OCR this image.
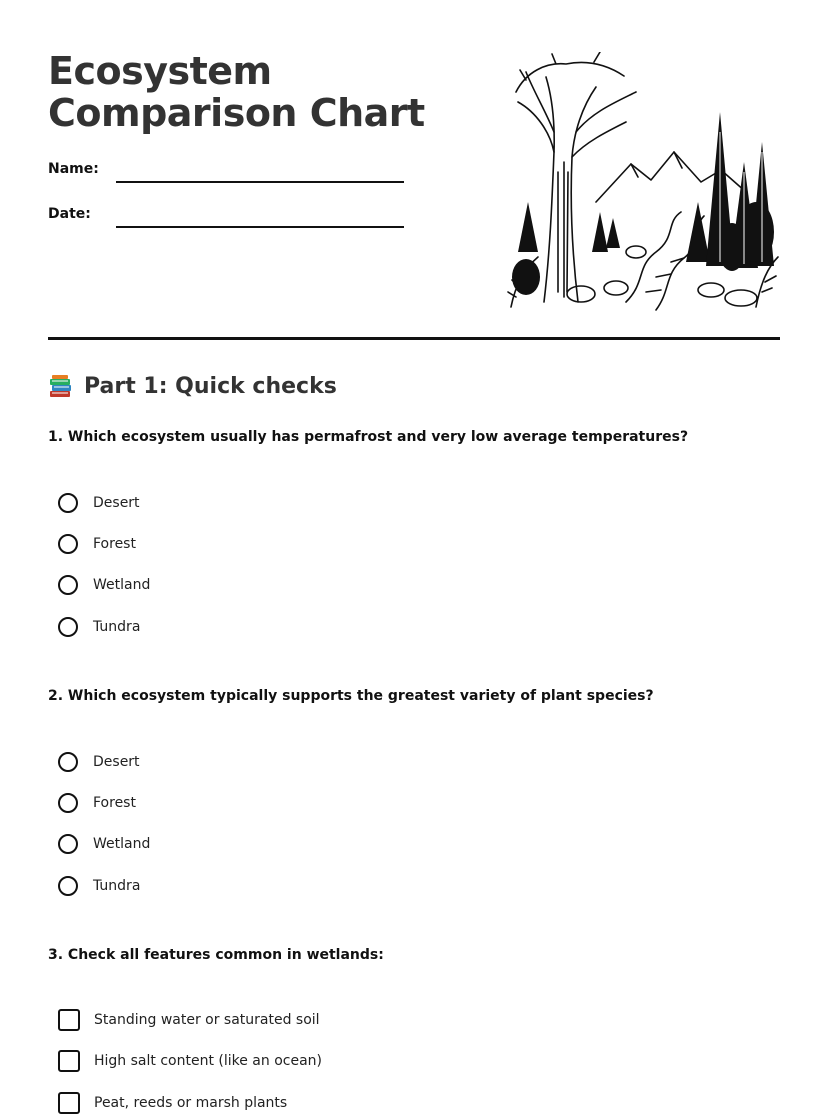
Ecosystem Comparison Chart
Name:
Date:
Part 1: Quick checks

1. Which ecosystem usually has permafrost and very low average temperatures?

Desert
Forest
Wetland
Tundra

2. Which ecosystem typically supports the greatest variety of plant species?

Desert
Forest
Wetland
Tundra

3. Check all features common in wetlands:

Standing water or saturated soil
High salt content (like an ocean)
Peat, reeds or marsh plants
